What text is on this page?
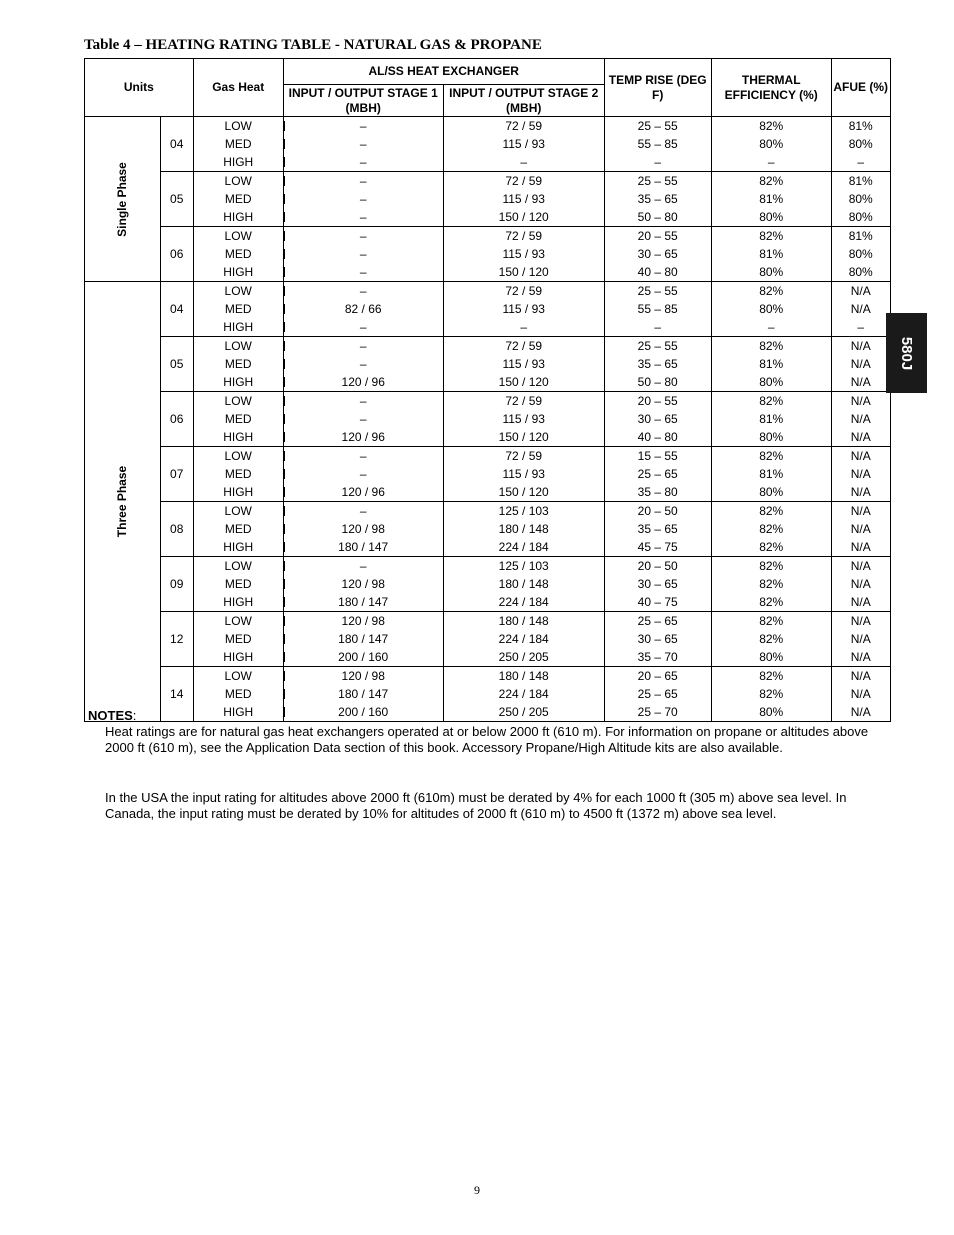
Table 4 – HEATING RATING TABLE - NATURAL GAS & PROPANE
Units		Gas Heat	AL/SS HEAT EXCHANGER		TEMP RISE (DEG F)	THERMAL EFFICIENCY (%)	AFUE (%)
			INPUT / OUTPUT STAGE 1 (MBH)	INPUT / OUTPUT STAGE 2 (MBH)			
Single Phase	04	LOW	–	72 / 59	25 – 55	82%	81%
		MED	–	115 / 93	55 – 85	80%	80%
		HIGH	–	–	–	–	–
	05	LOW	–	72 / 59	25 – 55	82%	81%
		MED	–	115 / 93	35 – 65	81%	80%
		HIGH	–	150 / 120	50 – 80	80%	80%
	06	LOW	–	72 / 59	20 – 55	82%	81%
		MED	–	115 / 93	30 – 65	81%	80%
		HIGH	–	150 / 120	40 – 80	80%	80%
Three Phase	04	LOW	–	72 / 59	25 – 55	82%	N/A
		MED	82 / 66	115 / 93	55 – 85	80%	N/A
		HIGH	–	–	–	–	–
	05	LOW	–	72 / 59	25 – 55	82%	N/A
		MED	–	115 / 93	35 – 65	81%	N/A
		HIGH	120 / 96	150 / 120	50 – 80	80%	N/A
	06	LOW	–	72 / 59	20 – 55	82%	N/A
		MED	–	115 / 93	30 – 65	81%	N/A
		HIGH	120 / 96	150 / 120	40 – 80	80%	N/A
	07	LOW	–	72 / 59	15 – 55	82%	N/A
		MED	–	115 / 93	25 – 65	81%	N/A
		HIGH	120 / 96	150 / 120	35 – 80	80%	N/A
	08	LOW	–	125 / 103	20 – 50	82%	N/A
		MED	120 / 98	180 / 148	35 – 65	82%	N/A
		HIGH	180 / 147	224 / 184	45 – 75	82%	N/A
	09	LOW	–	125 / 103	20 – 50	82%	N/A
		MED	120 / 98	180 / 148	30 – 65	82%	N/A
		HIGH	180 / 147	224 / 184	40 – 75	82%	N/A
	12	LOW	120 / 98	180 / 148	25 – 65	82%	N/A
		MED	180 / 147	224 / 184	30 – 65	82%	N/A
		HIGH	200 / 160	250 / 205	35 – 70	80%	N/A
	14	LOW	120 / 98	180 / 148	20 – 65	82%	N/A
		MED	180 / 147	224 / 184	25 – 65	82%	N/A
		HIGH	200 / 160	250 / 205	25 – 70	80%	N/A
NOTES:
Heat ratings are for natural gas heat exchangers operated at or below 2000 ft (610 m). For information on propane or altitudes above 2000 ft (610 m), see the Application Data section of this book. Accessory Propane/High Altitude kits are also available.
In the USA the input rating for altitudes above 2000 ft (610m) must be derated by 4% for each 1000 ft (305 m) above sea level. In Canada, the input rating must be derated by 10% for altitudes of 2000 ft (610 m) to 4500 ft (1372 m) above sea level.
580J
9
